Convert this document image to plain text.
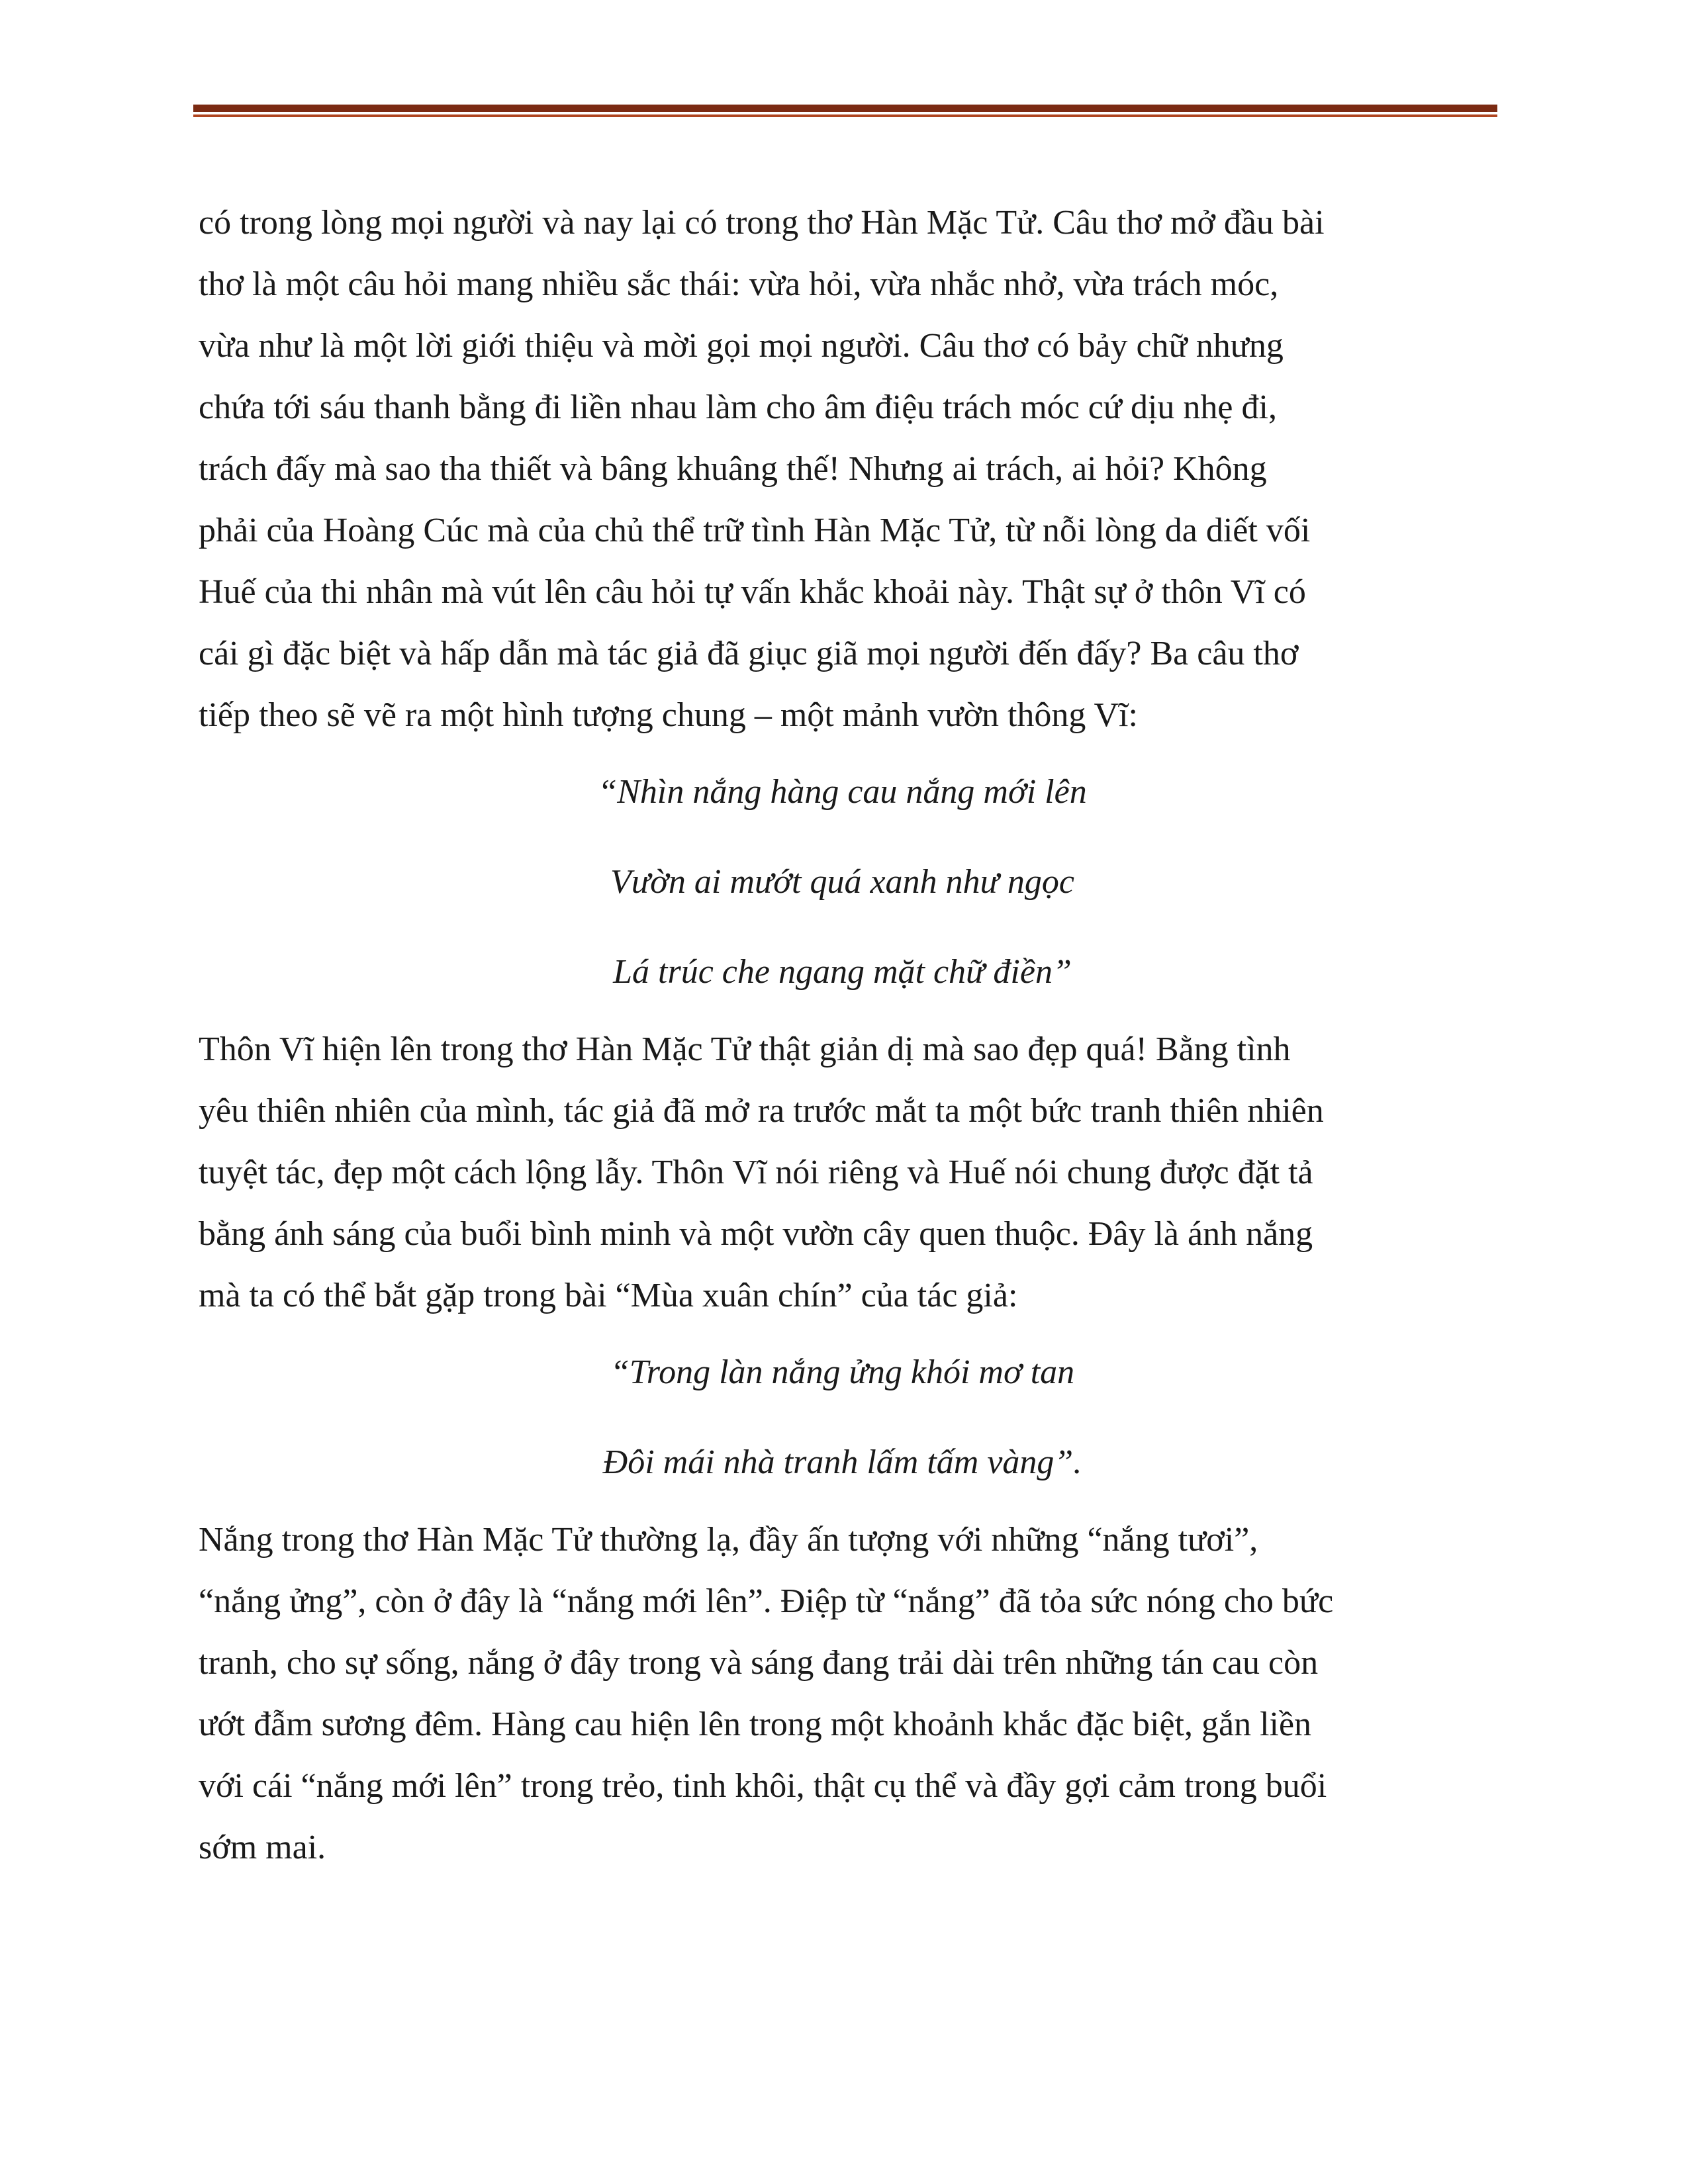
có trong lòng mọi người và nay lại có trong thơ Hàn Mặc Tử. Câu thơ mở đầu bài

thơ là một câu hỏi mang nhiều sắc thái: vừa hỏi, vừa nhắc nhở, vừa trách móc,

vừa như là một lời giới thiệu và mời gọi mọi người. Câu thơ có bảy chữ nhưng

chứa tới sáu thanh bằng đi liền nhau làm cho âm điệu trách móc cứ dịu nhẹ đi,

trách đấy mà sao tha thiết và bâng khuâng thế! Nhưng ai trách, ai hỏi? Không

phải của Hoàng Cúc mà của chủ thể trữ tình Hàn Mặc Tử, từ nỗi lòng da diết vối

Huế của thi nhân mà vút lên câu hỏi tự vấn khắc khoải này. Thật sự ở thôn Vĩ có

cái gì đặc biệt và hấp dẫn mà tác giả đã giục giã mọi người đến đấy? Ba câu thơ

tiếp theo sẽ vẽ ra một hình tượng chung – một mảnh vườn thông Vĩ:

“Nhìn nắng hàng cau nắng mới lên

Vườn ai mướt quá xanh như ngọc

Lá trúc che ngang mặt chữ điền”

Thôn Vĩ hiện lên trong thơ Hàn Mặc Tử thật giản dị mà sao đẹp quá! Bằng tình

yêu thiên nhiên của mình, tác giả đã mở ra trước mắt ta một bức tranh thiên nhiên

tuyệt tác, đẹp một cách lộng lẫy. Thôn Vĩ nói riêng và Huế nói chung được đặt tả

bằng ánh sáng của buổi bình minh và một vườn cây quen thuộc. Đây là ánh nắng

mà ta có thể bắt gặp trong bài “Mùa xuân chín” của tác giả:

“Trong làn nắng ửng khói mơ tan

Đôi mái nhà tranh lấm tấm vàng”.

Nắng trong thơ Hàn Mặc Tử thường lạ, đầy ấn tượng với những “nắng tươi”,

“nắng ửng”, còn ở đây là “nắng mới lên”. Điệp từ “nắng” đã tỏa sức nóng cho bức

tranh, cho sự sống, nắng ở đây trong và sáng đang trải dài trên những tán cau còn

ướt đẫm sương đêm. Hàng cau hiện lên trong một khoảnh khắc đặc biệt, gắn liền

với cái “nắng mới lên” trong trẻo, tinh khôi, thật cụ thể và đầy gợi cảm trong buổi

sớm mai.
